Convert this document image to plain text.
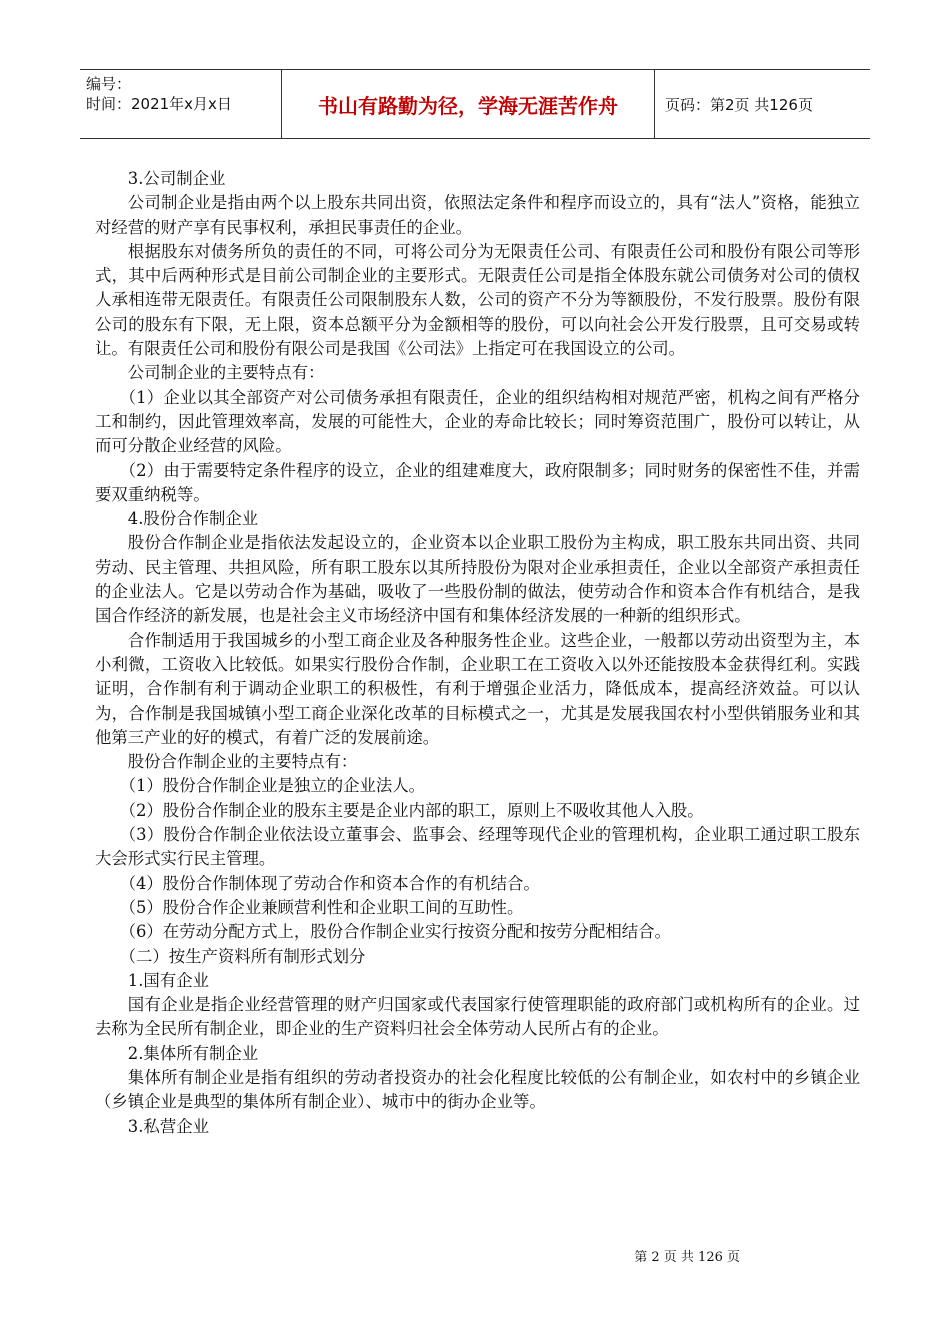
编号：
时间：2021年x月x日	书山有路勤为径，学海无涯苦作舟	页码：第2页 共126页

3.公司制企业

公司制企业是指由两个以上股东共同出资，依照法定条件和程序而设立的，具有“法人”资格，能独立对经营的财产享有民事权利，承担民事责任的企业。

根据股东对债务所负的责任的不同，可将公司分为无限责任公司、有限责任公司和股份有限公司等形式，其中后两种形式是目前公司制企业的主要形式。无限责任公司是指全体股东就公司债务对公司的债权人承相连带无限责任。有限责任公司限制股东人数，公司的资产不分为等额股份，不发行股票。股份有限公司的股东有下限，无上限，资本总额平分为金额相等的股份，可以向社会公开发行股票，且可交易或转让。有限责任公司和股份有限公司是我国《公司法》上指定可在我国设立的公司。

公司制企业的主要特点有：

（1）企业以其全部资产对公司债务承担有限责任，企业的组织结构相对规范严密，机构之间有严格分工和制约，因此管理效率高，发展的可能性大，企业的寿命比较长；同时筹资范围广，股份可以转让，从而可分散企业经营的风险。

（2）由于需要特定条件程序的设立，企业的组建难度大，政府限制多；同时财务的保密性不佳，并需要双重纳税等。

4.股份合作制企业

股份合作制企业是指依法发起设立的，企业资本以企业职工股份为主构成，职工股东共同出资、共同劳动、民主管理、共担风险，所有职工股东以其所持股份为限对企业承担责任，企业以全部资产承担责任的企业法人。它是以劳动合作为基础，吸收了一些股份制的做法，使劳动合作和资本合作有机结合，是我国合作经济的新发展，也是社会主义市场经济中国有和集体经济发展的一种新的组织形式。

合作制适用于我国城乡的小型工商企业及各种服务性企业。这些企业，一般都以劳动出资型为主，本小利微，工资收入比较低。如果实行股份合作制，企业职工在工资收入以外还能按股本金获得红利。实践证明，合作制有利于调动企业职工的积极性，有利于增强企业活力，降低成本，提高经济效益。可以认为，合作制是我国城镇小型工商企业深化改革的目标模式之一，尤其是发展我国农村小型供销服务业和其他第三产业的好的模式，有着广泛的发展前途。

股份合作制企业的主要特点有：

（1）股份合作制企业是独立的企业法人。

（2）股份合作制企业的股东主要是企业内部的职工，原则上不吸收其他人入股。

（3）股份合作制企业依法设立董事会、监事会、经理等现代企业的管理机构，企业职工通过职工股东大会形式实行民主管理。

（4）股份合作制体现了劳动合作和资本合作的有机结合。

（5）股份合作企业兼顾营利性和企业职工间的互助性。

（6）在劳动分配方式上，股份合作制企业实行按资分配和按劳分配相结合。

（二）按生产资料所有制形式划分

1.国有企业

国有企业是指企业经营管理的财产归国家或代表国家行使管理职能的政府部门或机构所有的企业。过去称为全民所有制企业，即企业的生产资料归社会全体劳动人民所占有的企业。

2.集体所有制企业

集体所有制企业是指有组织的劳动者投资办的社会化程度比较低的公有制企业，如农村中的乡镇企业（乡镇企业是典型的集体所有制企业）、城市中的街办企业等。

3.私营企业

第 2 页 共 126 页
